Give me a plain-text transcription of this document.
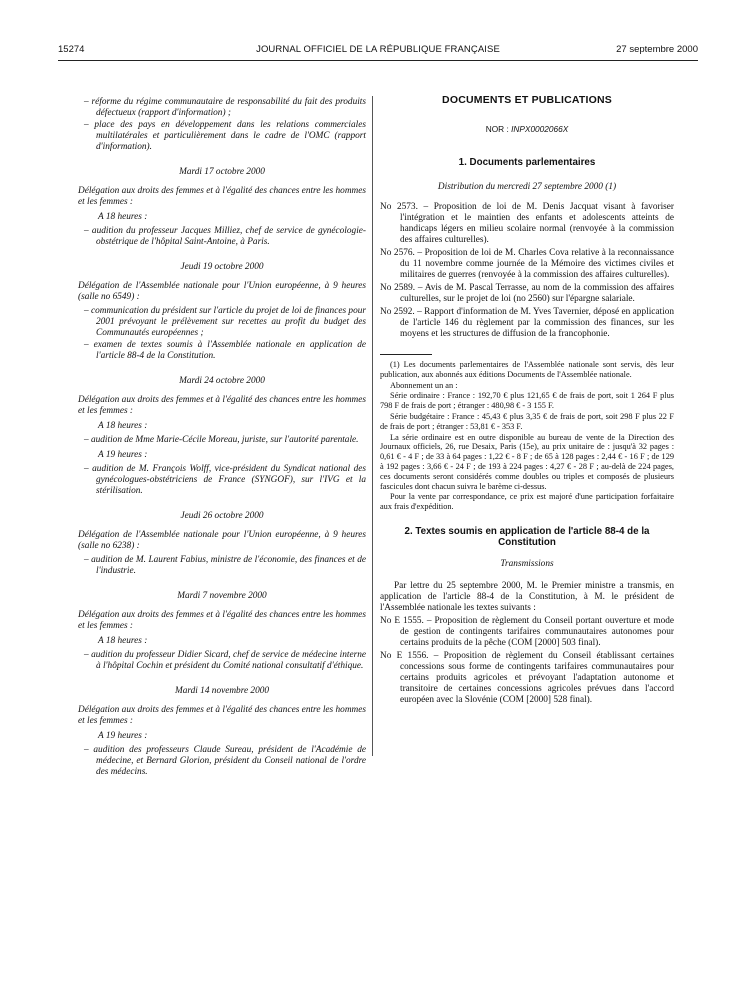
15274	JOURNAL OFFICIEL DE LA RÉPUBLIQUE FRANÇAISE	27 septembre 2000
– réforme du régime communautaire de responsabilité du fait des produits défectueux (rapport d'information) ;
– place des pays en développement dans les relations commerciales multilatérales et particulièrement dans le cadre de l'OMC (rapport d'information).
Mardi 17 octobre 2000
Délégation aux droits des femmes et à l'égalité des chances entre les hommes et les femmes :
A 18 heures :
– audition du professeur Jacques Milliez, chef de service de gynécologie-obstétrique de l'hôpital Saint-Antoine, à Paris.
Jeudi 19 octobre 2000
Délégation de l'Assemblée nationale pour l'Union européenne, à 9 heures (salle no 6549) :
– communication du président sur l'article du projet de loi de finances pour 2001 prévoyant le prélèvement sur recettes au profit du budget des Communautés européennes ;
– examen de textes soumis à l'Assemblée nationale en application de l'article 88-4 de la Constitution.
Mardi 24 octobre 2000
Délégation aux droits des femmes et à l'égalité des chances entre les hommes et les femmes :
A 18 heures :
– audition de Mme Marie-Cécile Moreau, juriste, sur l'autorité parentale.
A 19 heures :
– audition de M. François Wolff, vice-président du Syndicat national des gynécologues-obstétriciens de France (SYNGOF), sur l'IVG et la stérilisation.
Jeudi 26 octobre 2000
Délégation de l'Assemblée nationale pour l'Union européenne, à 9 heures (salle no 6238) :
– audition de M. Laurent Fabius, ministre de l'économie, des finances et de l'industrie.
Mardi 7 novembre 2000
Délégation aux droits des femmes et à l'égalité des chances entre les hommes et les femmes :
A 18 heures :
– audition du professeur Didier Sicard, chef de service de médecine interne à l'hôpital Cochin et président du Comité national consultatif d'éthique.
Mardi 14 novembre 2000
Délégation aux droits des femmes et à l'égalité des chances entre les hommes et les femmes :
A 19 heures :
– audition des professeurs Claude Sureau, président de l'Académie de médecine, et Bernard Glorion, président du Conseil national de l'ordre des médecins.
DOCUMENTS ET PUBLICATIONS
NOR : INPX0002066X
1. Documents parlementaires
Distribution du mercredi 27 septembre 2000 (1)
No 2573. – Proposition de loi de M. Denis Jacquat visant à favoriser l'intégration et le maintien des enfants et adolescents atteints de handicaps légers en milieu scolaire normal (renvoyée à la commission des affaires culturelles).
No 2576. – Proposition de loi de M. Charles Cova relative à la reconnaissance du 11 novembre comme journée de la Mémoire des victimes civiles et militaires de guerres (renvoyée à la commission des affaires culturelles).
No 2589. – Avis de M. Pascal Terrasse, au nom de la commission des affaires culturelles, sur le projet de loi (no 2560) sur l'épargne salariale.
No 2592. – Rapport d'information de M. Yves Tavernier, déposé en application de l'article 146 du règlement par la commission des finances, sur les moyens et les structures de diffusion de la francophonie.
(1) Les documents parlementaires de l'Assemblée nationale sont servis, dès leur publication, aux abonnés aux éditions Documents de l'Assemblée nationale.
Abonnement un an :
Série ordinaire : France : 192,70 € plus 121,65 € de frais de port, soit 1 264 F plus 798 F de frais de port ; étranger : 480,98 € - 3 155 F.
Série budgétaire : France : 45,43 € plus 3,35 € de frais de port, soit 298 F plus 22 F de frais de port ; étranger : 53,81 € - 353 F.
La série ordinaire est en outre disponible au bureau de vente de la Direction des Journaux officiels, 26, rue Desaix, Paris (15e), au prix unitaire de : jusqu'à 32 pages : 0,61 € - 4 F ; de 33 à 64 pages : 1,22 € - 8 F ; de 65 à 128 pages : 2,44 € - 16 F ; de 129 à 192 pages : 3,66 € - 24 F ; de 193 à 224 pages : 4,27 € - 28 F ; au-delà de 224 pages, ces documents seront considérés comme doubles ou triples et composés de plusieurs fascicules dont chacun suivra le barème ci-dessus.
Pour la vente par correspondance, ce prix est majoré d'une participation forfaitaire aux frais d'expédition.
2. Textes soumis en application de l'article 88-4 de la Constitution
Transmissions
Par lettre du 25 septembre 2000, M. le Premier ministre a transmis, en application de l'article 88-4 de la Constitution, à M. le président de l'Assemblée nationale les textes suivants :
No E 1555. – Proposition de règlement du Conseil portant ouverture et mode de gestion de contingents tarifaires communautaires autonomes pour certains produits de la pêche (COM [2000] 503 final).
No E 1556. – Proposition de règlement du Conseil établissant certaines concessions sous forme de contingents tarifaires communautaires pour certains produits agricoles et prévoyant l'adaptation autonome et transitoire de certaines concessions agricoles prévues dans l'accord européen avec la Slovénie (COM [2000] 528 final).
